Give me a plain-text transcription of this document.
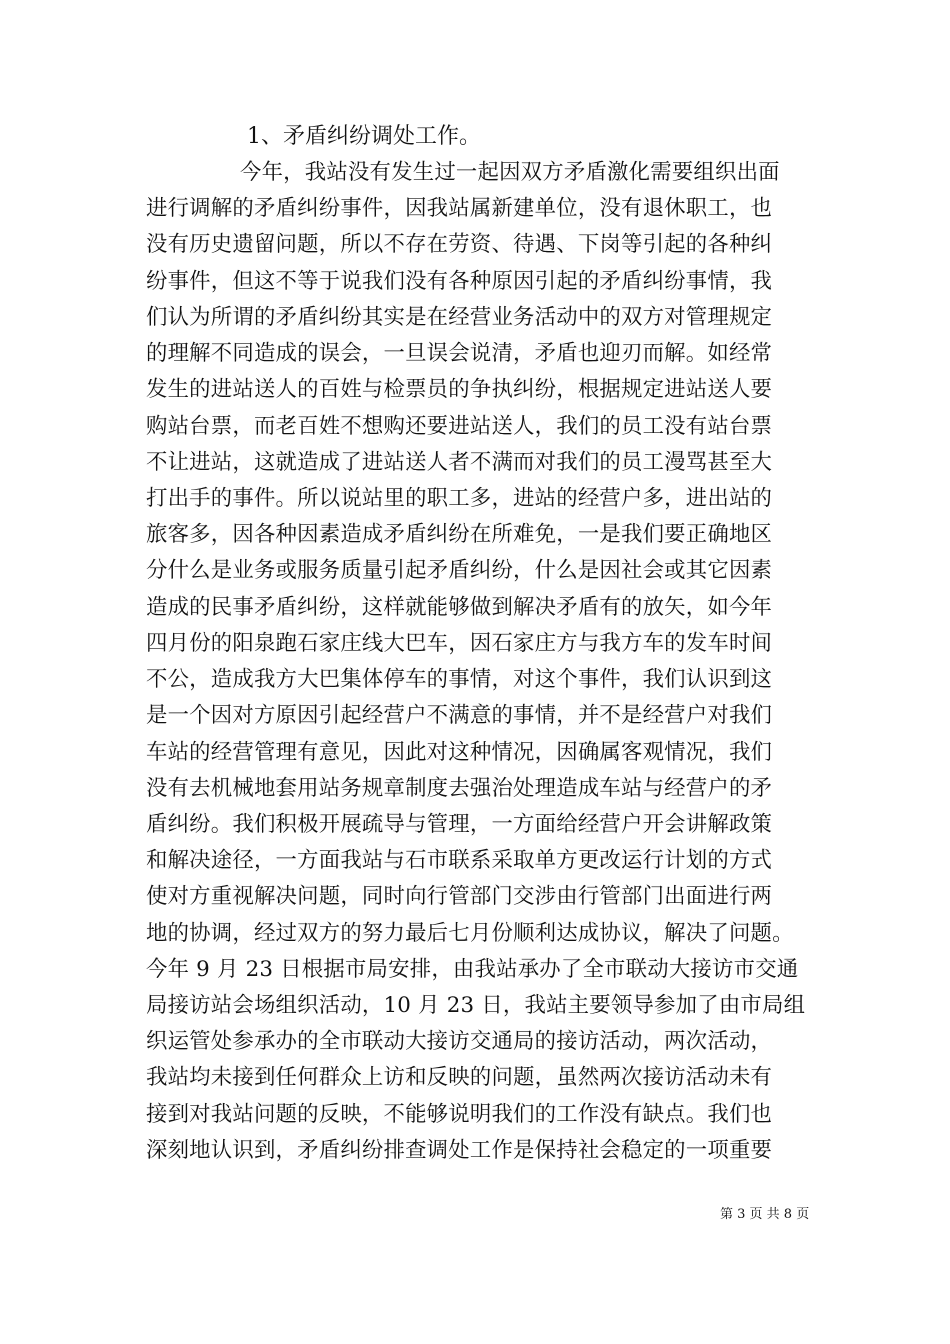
1、矛盾纠纷调处工作。
今年，我站没有发生过一起因双方矛盾激化需要组织出面
进行调解的矛盾纠纷事件，因我站属新建单位，没有退休职工，也
没有历史遗留问题，所以不存在劳资、待遇、下岗等引起的各种纠
纷事件，但这不等于说我们没有各种原因引起的矛盾纠纷事情，我
们认为所谓的矛盾纠纷其实是在经营业务活动中的双方对管理规定
的理解不同造成的误会，一旦误会说清，矛盾也迎刃而解。如经常
发生的进站送人的百姓与检票员的争执纠纷，根据规定进站送人要
购站台票，而老百姓不想购还要进站送人，我们的员工没有站台票
不让进站，这就造成了进站送人者不满而对我们的员工漫骂甚至大
打出手的事件。所以说站里的职工多，进站的经营户多，进出站的
旅客多，因各种因素造成矛盾纠纷在所难免，一是我们要正确地区
分什么是业务或服务质量引起矛盾纠纷，什么是因社会或其它因素
造成的民事矛盾纠纷，这样就能够做到解决矛盾有的放矢，如今年
四月份的阳泉跑石家庄线大巴车，因石家庄方与我方车的发车时间
不公，造成我方大巴集体停车的事情，对这个事件，我们认识到这
是一个因对方原因引起经营户不满意的事情，并不是经营户对我们
车站的经营管理有意见，因此对这种情况，因确属客观情况，我们
没有去机械地套用站务规章制度去强治处理造成车站与经营户的矛
盾纠纷。我们积极开展疏导与管理，一方面给经营户开会讲解政策
和解决途径，一方面我站与石市联系采取单方更改运行计划的方式
使对方重视解决问题，同时向行管部门交涉由行管部门出面进行两
地的协调，经过双方的努力最后七月份顺利达成协议，解决了问题。
今年 9 月 23 日根据市局安排，由我站承办了全市联动大接访市交通
局接访站会场组织活动，10 月 23 日，我站主要领导参加了由市局组
织运管处参承办的全市联动大接访交通局的接访活动，两次活动，
我站均未接到任何群众上访和反映的问题，虽然两次接访活动未有
接到对我站问题的反映，不能够说明我们的工作没有缺点。我们也
深刻地认识到，矛盾纠纷排查调处工作是保持社会稳定的一项重要
第 3 页 共 8 页
